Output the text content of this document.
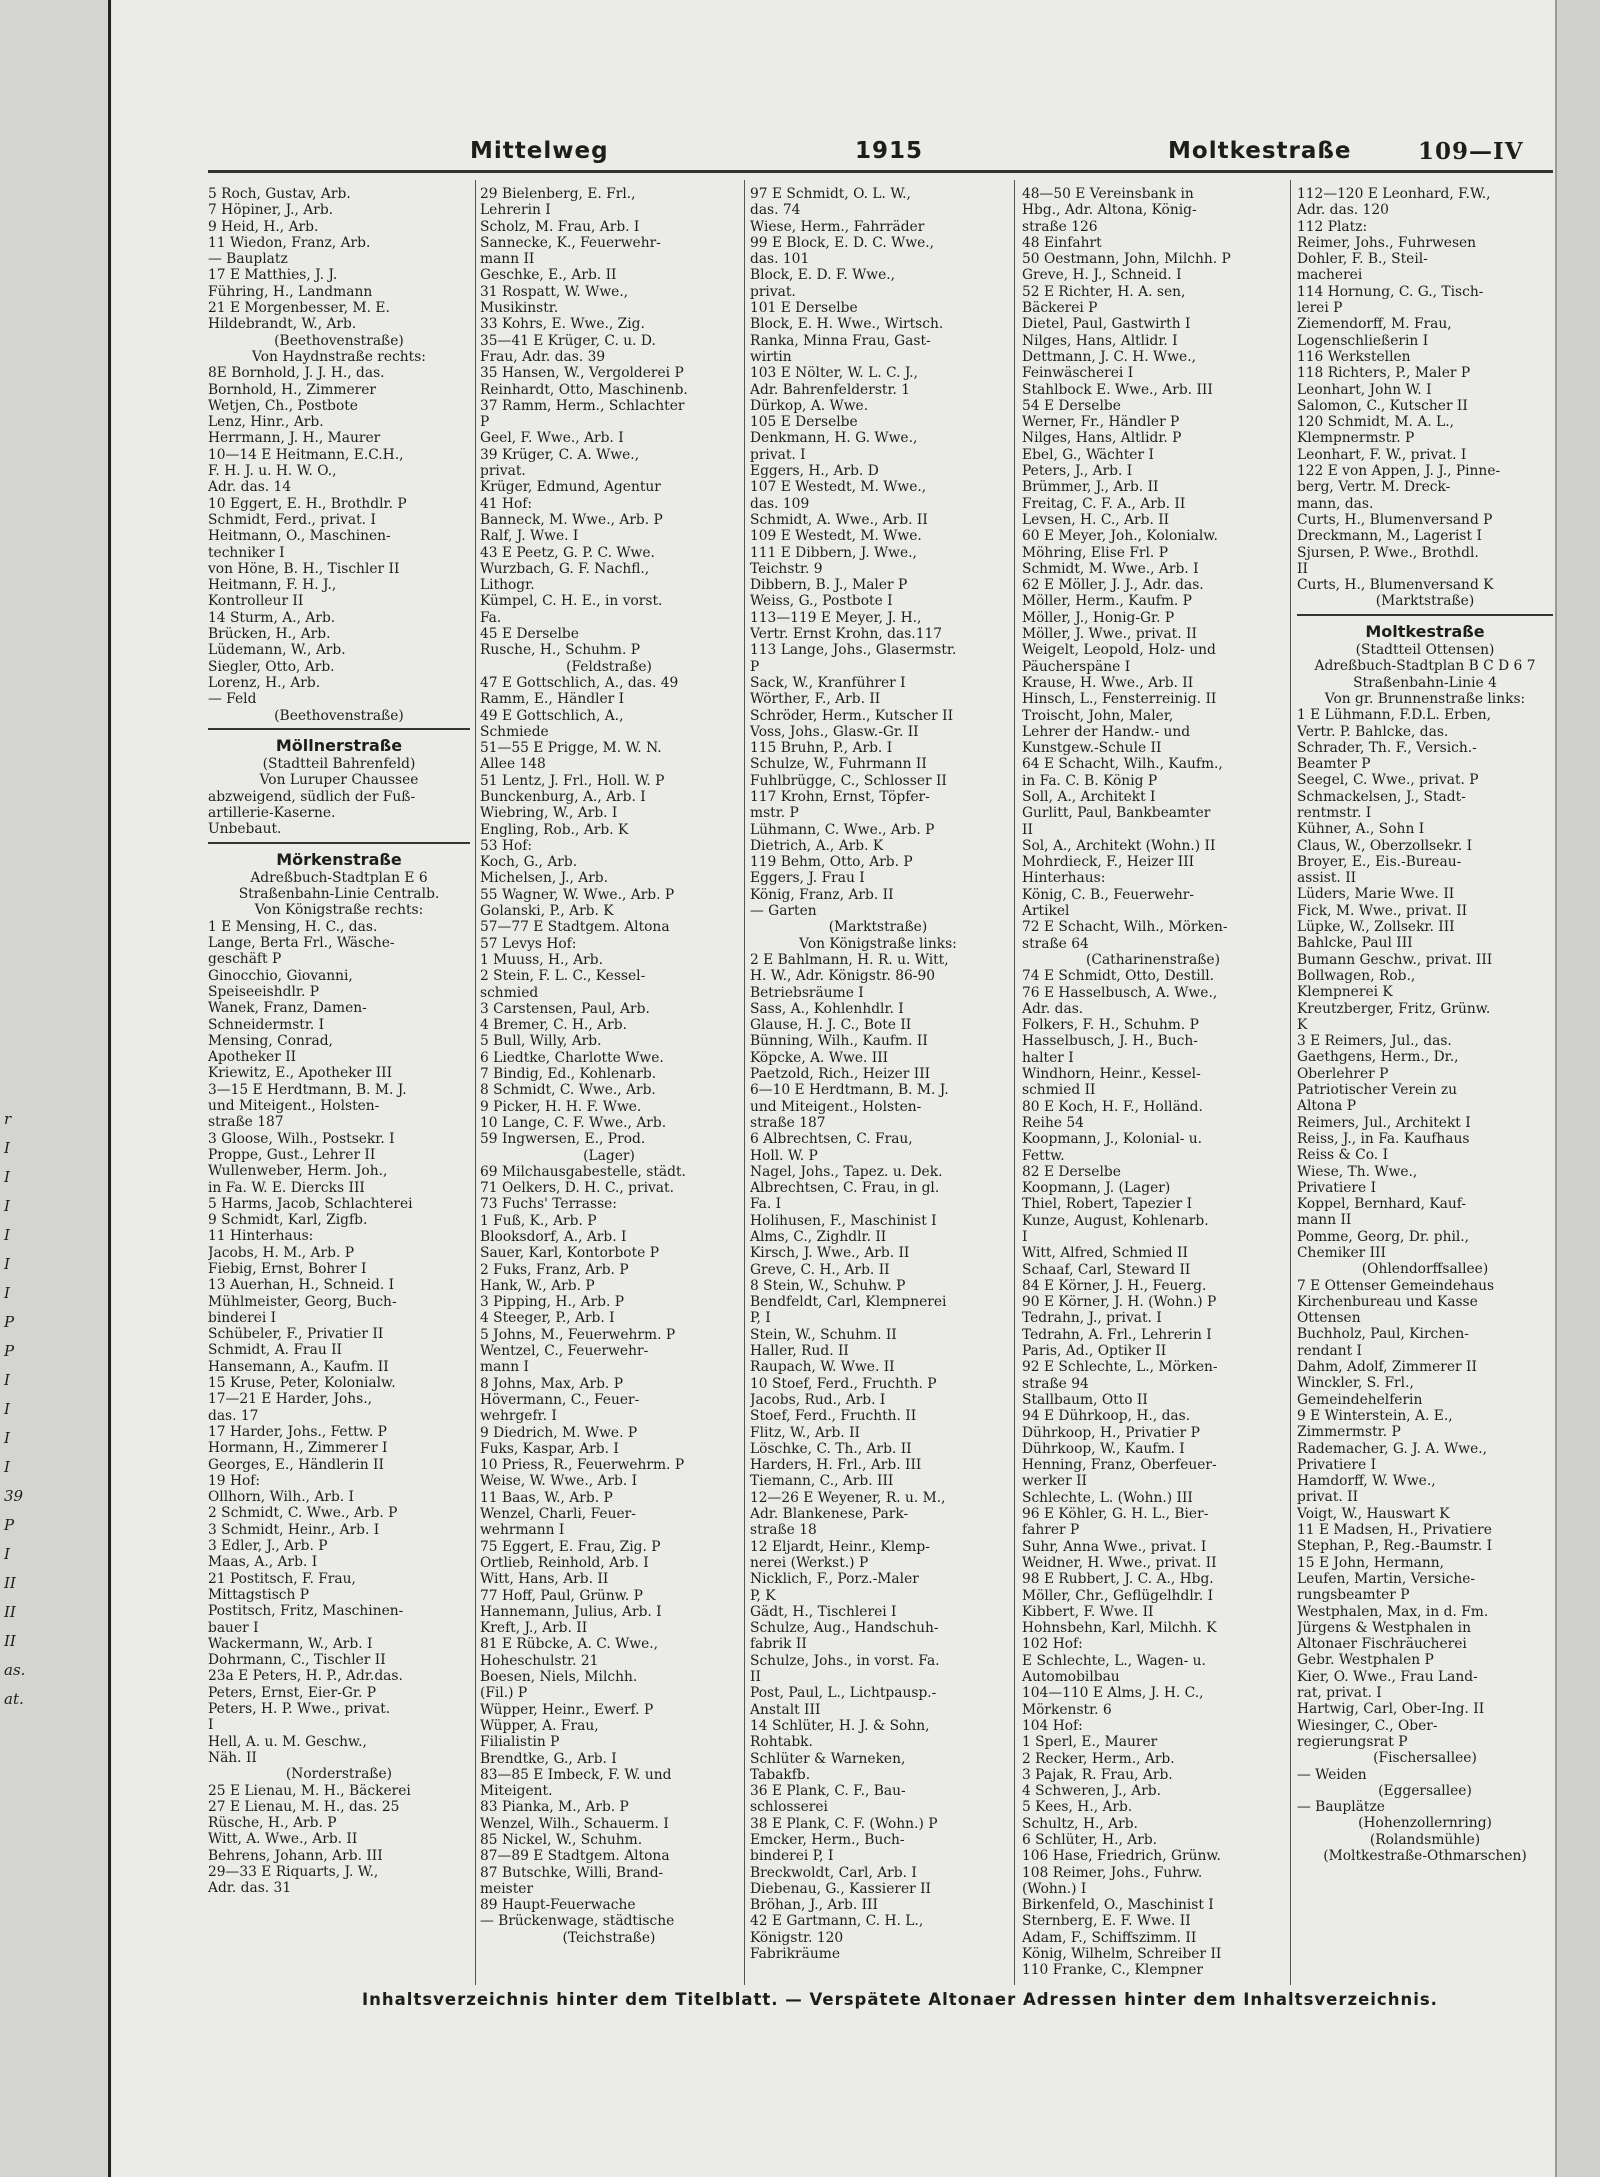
r
I
I
I
I
I
I
P
P
I
I
I
I
39
P
I
II
II
II
as.
at.
Mittelweg	1915	Moltkestraße	109—IV
5 Roch, Gustav, Arb.
7 Höpiner, J., Arb.
9 Heid, H., Arb.
11 Wiedon, Franz, Arb.
— Bauplatz
17 E Matthies, J. J.
Führing, H., Landmann
21 E Morgenbesser, M. E.
Hildebrandt, W., Arb.
(Beethovenstraße)
Von Haydnstraße rechts:
8E Bornhold, J. J. H., das.
Bornhold, H., Zimmerer
Wetjen, Ch., Postbote
Lenz, Hinr., Arb.
Herrmann, J. H., Maurer
10—14 E Heitmann, E.C.H.,
F. H. J. u. H. W. O.,
Adr. das. 14
10 Eggert, E. H., Brothdlr. P
Schmidt, Ferd., privat. I
Heitmann, O., Maschinen-
techniker I
von Höne, B. H., Tischler II
Heitmann, F. H. J.,
Kontrolleur II
14 Sturm, A., Arb.
Brücken, H., Arb.
Lüdemann, W., Arb.
Siegler, Otto, Arb.
Lorenz, H., Arb.
— Feld
(Beethovenstraße)
Möllnerstraße
(Stadtteil Bahrenfeld)
Von Luruper Chaussee
abzweigend, südlich der Fuß-
artillerie-Kaserne.
Unbebaut.
Mörkenstraße
Adreßbuch-Stadtplan E 6
Straßenbahn-Linie Centralb.
Von Königstraße rechts:
1 E Mensing, H. C., das.
Lange, Berta Frl., Wäsche-
geschäft P
Ginocchio, Giovanni,
Speiseeishdlr. P
Wanek, Franz, Damen-
Schneidermstr. I
Mensing, Conrad,
Apotheker II
Kriewitz, E., Apotheker III
3—15 E Herdtmann, B. M. J.
und Miteigent., Holsten-
straße 187
3 Gloose, Wilh., Postsekr. I
Proppe, Gust., Lehrer II
Wullenweber, Herm. Joh.,
in Fa. W. E. Diercks III
5 Harms, Jacob, Schlachterei
9 Schmidt, Karl, Zigfb.
11 Hinterhaus:
Jacobs, H. M., Arb. P
Fiebig, Ernst, Bohrer I
13 Auerhan, H., Schneid. I
Mühlmeister, Georg, Buch-
binderei I
Schübeler, F., Privatier II
Schmidt, A. Frau II
Hansemann, A., Kaufm. II
15 Kruse, Peter, Kolonialw.
17—21 E Harder, Johs.,
das. 17
17 Harder, Johs., Fettw. P
Hormann, H., Zimmerer I
Georges, E., Händlerin II
19 Hof:
Ollhorn, Wilh., Arb. I
2 Schmidt, C. Wwe., Arb. P
3 Schmidt, Heinr., Arb. I
3 Edler, J., Arb. P
Maas, A., Arb. I
21 Postitsch, F. Frau,
Mittagstisch P
Postitsch, Fritz, Maschinen-
bauer I
Wackermann, W., Arb. I
Dohrmann, C., Tischler II
23a E Peters, H. P., Adr.das.
Peters, Ernst, Eier-Gr. P
Peters, H. P. Wwe., privat.
I
Hell, A. u. M. Geschw.,
Näh. II
(Norderstraße)
25 E Lienau, M. H., Bäckerei
27 E Lienau, M. H., das. 25
Rüsche, H., Arb. P
Witt, A. Wwe., Arb. II
Behrens, Johann, Arb. III
29—33 E Riquarts, J. W.,
Adr. das. 31
29 Bielenberg, E. Frl.,
Lehrerin I
Scholz, M. Frau, Arb. I
Sannecke, K., Feuerwehr-
mann II
Geschke, E., Arb. II
31 Rospatt, W. Wwe.,
Musikinstr.
33 Kohrs, E. Wwe., Zig.
35—41 E Krüger, C. u. D.
Frau, Adr. das. 39
35 Hansen, W., Vergolderei P
Reinhardt, Otto, Maschinenb.
37 Ramm, Herm., Schlachter
P
Geel, F. Wwe., Arb. I
39 Krüger, C. A. Wwe.,
privat.
Krüger, Edmund, Agentur
41 Hof:
Banneck, M. Wwe., Arb. P
Ralf, J. Wwe. I
43 E Peetz, G. P. C. Wwe.
Wurzbach, G. F. Nachfl.,
Lithogr.
Kümpel, C. H. E., in vorst.
Fa.
45 E Derselbe
Rusche, H., Schuhm. P
(Feldstraße)
47 E Gottschlich, A., das. 49
Ramm, E., Händler I
49 E Gottschlich, A.,
Schmiede
51—55 E Prigge, M. W. N.
Allee 148
51 Lentz, J. Frl., Holl. W. P
Bunckenburg, A., Arb. I
Wiebring, W., Arb. I
Engling, Rob., Arb. K
53 Hof:
Koch, G., Arb.
Michelsen, J., Arb.
55 Wagner, W. Wwe., Arb. P
Golanski, P., Arb. K
57—77 E Stadtgem. Altona
57 Levys Hof:
1 Muuss, H., Arb.
2 Stein, F. L. C., Kessel-
schmied
3 Carstensen, Paul, Arb.
4 Bremer, C. H., Arb.
5 Bull, Willy, Arb.
6 Liedtke, Charlotte Wwe.
7 Bindig, Ed., Kohlenarb.
8 Schmidt, C. Wwe., Arb.
9 Picker, H. H. F. Wwe.
10 Lange, C. F. Wwe., Arb.
59 Ingwersen, E., Prod.
(Lager)
69 Milchausgabestelle, städt.
71 Oelkers, D. H. C., privat.
73 Fuchs' Terrasse:
1 Fuß, K., Arb. P
Blooksdorf, A., Arb. I
Sauer, Karl, Kontorbote P
2 Fuks, Franz, Arb. P
Hank, W., Arb. P
3 Pipping, H., Arb. P
4 Steeger, P., Arb. I
5 Johns, M., Feuerwehrm. P
Wentzel, C., Feuerwehr-
mann I
8 Johns, Max, Arb. P
Hövermann, C., Feuer-
wehrgefr. I
9 Diedrich, M. Wwe. P
Fuks, Kaspar, Arb. I
10 Priess, R., Feuerwehrm. P
Weise, W. Wwe., Arb. I
11 Baas, W., Arb. P
Wenzel, Charli, Feuer-
wehrmann I
75 Eggert, E. Frau, Zig. P
Ortlieb, Reinhold, Arb. I
Witt, Hans, Arb. II
77 Hoff, Paul, Grünw. P
Hannemann, Julius, Arb. I
Kreft, J., Arb. II
81 E Rübcke, A. C. Wwe.,
Hoheschulstr. 21
Boesen, Niels, Milchh.
(Fil.) P
Wüpper, Heinr., Ewerf. P
Wüpper, A. Frau,
Filialistin P
Brendtke, G., Arb. I
83—85 E Imbeck, F. W. und
Miteigent.
83 Pianka, M., Arb. P
Wenzel, Wilh., Schauerm. I
85 Nickel, W., Schuhm.
87—89 E Stadtgem. Altona
87 Butschke, Willi, Brand-
meister
89 Haupt-Feuerwache
— Brückenwage, städtische
(Teichstraße)
97 E Schmidt, O. L. W.,
das. 74
Wiese, Herm., Fahrräder
99 E Block, E. D. C. Wwe.,
das. 101
Block, E. D. F. Wwe.,
privat.
101 E Derselbe
Block, E. H. Wwe., Wirtsch.
Ranka, Minna Frau, Gast-
wirtin
103 E Nölter, W. L. C. J.,
Adr. Bahrenfelderstr. 1
Dürkop, A. Wwe.
105 E Derselbe
Denkmann, H. G. Wwe.,
privat. I
Eggers, H., Arb. D
107 E Westedt, M. Wwe.,
das. 109
Schmidt, A. Wwe., Arb. II
109 E Westedt, M. Wwe.
111 E Dibbern, J. Wwe.,
Teichstr. 9
Dibbern, B. J., Maler P
Weiss, G., Postbote I
113—119 E Meyer, J. H.,
Vertr. Ernst Krohn, das.117
113 Lange, Johs., Glasermstr.
P
Sack, W., Kranführer I
Wörther, F., Arb. II
Schröder, Herm., Kutscher II
Voss, Johs., Glasw.-Gr. II
115 Bruhn, P., Arb. I
Schulze, W., Fuhrmann II
Fuhlbrügge, C., Schlosser II
117 Krohn, Ernst, Töpfer-
mstr. P
Lühmann, C. Wwe., Arb. P
Dietrich, A., Arb. K
119 Behm, Otto, Arb. P
Eggers, J. Frau I
König, Franz, Arb. II
— Garten
(Marktstraße)
Von Königstraße links:
2 E Bahlmann, H. R. u. Witt,
H. W., Adr. Königstr. 86-90
Betriebsräume I
Sass, A., Kohlenhdlr. I
Glause, H. J. C., Bote II
Bünning, Wilh., Kaufm. II
Köpcke, A. Wwe. III
Paetzold, Rich., Heizer III
6—10 E Herdtmann, B. M. J.
und Miteigent., Holsten-
straße 187
6 Albrechtsen, C. Frau,
Holl. W. P
Nagel, Johs., Tapez. u. Dek.
Albrechtsen, C. Frau, in gl.
Fa. I
Holihusen, F., Maschinist I
Alms, C., Zighdlr. II
Kirsch, J. Wwe., Arb. II
Greve, C. H., Arb. II
8 Stein, W., Schuhw. P
Bendfeldt, Carl, Klempnerei
P, I
Stein, W., Schuhm. II
Haller, Rud. II
Raupach, W. Wwe. II
10 Stoef, Ferd., Fruchth. P
Jacobs, Rud., Arb. I
Stoef, Ferd., Fruchth. II
Flitz, W., Arb. II
Löschke, C. Th., Arb. II
Harders, H. Frl., Arb. III
Tiemann, C., Arb. III
12—26 E Weyener, R. u. M.,
Adr. Blankenese, Park-
straße 18
12 Eljardt, Heinr., Klemp-
nerei (Werkst.) P
Nicklich, F., Porz.-Maler
P, K
Gädt, H., Tischlerei I
Schulze, Aug., Handschuh-
fabrik II
Schulze, Johs., in vorst. Fa.
II
Post, Paul, L., Lichtpausp.-
Anstalt III
14 Schlüter, H. J. & Sohn,
Rohtabk.
Schlüter & Warneken,
Tabakfb.
36 E Plank, C. F., Bau-
schlosserei
38 E Plank, C. F. (Wohn.) P
Emcker, Herm., Buch-
binderei P, I
Breckwoldt, Carl, Arb. I
Diebenau, G., Kassierer II
Bröhan, J., Arb. III
42 E Gartmann, C. H. L.,
Königstr. 120
Fabrikräume
48—50 E Vereinsbank in
Hbg., Adr. Altona, König-
straße 126
48 Einfahrt
50 Oestmann, John, Milchh. P
Greve, H. J., Schneid. I
52 E Richter, H. A. sen,
Bäckerei P
Dietel, Paul, Gastwirth I
Nilges, Hans, Altlidr. I
Dettmann, J. C. H. Wwe.,
Feinwäscherei I
Stahlbock E. Wwe., Arb. III
54 E Derselbe
Werner, Fr., Händler P
Nilges, Hans, Altlidr. P
Ebel, G., Wächter I
Peters, J., Arb. I
Brümmer, J., Arb. II
Freitag, C. F. A., Arb. II
Levsen, H. C., Arb. II
60 E Meyer, Joh., Kolonialw.
Möhring, Elise Frl. P
Schmidt, M. Wwe., Arb. I
62 E Möller, J. J., Adr. das.
Möller, Herm., Kaufm. P
Möller, J., Honig-Gr. P
Möller, J. Wwe., privat. II
Weigelt, Leopold, Holz- und
Päucherspäne I
Krause, H. Wwe., Arb. II
Hinsch, L., Fensterreinig. II
Troischt, John, Maler,
Lehrer der Handw.- und
Kunstgew.-Schule II
64 E Schacht, Wilh., Kaufm.,
in Fa. C. B. König P
Soll, A., Architekt I
Gurlitt, Paul, Bankbeamter
II
Sol, A., Architekt (Wohn.) II
Mohrdieck, F., Heizer III
Hinterhaus:
König, C. B., Feuerwehr-
Artikel
72 E Schacht, Wilh., Mörken-
straße 64
(Catharinenstraße)
74 E Schmidt, Otto, Destill.
76 E Hasselbusch, A. Wwe.,
Adr. das.
Folkers, F. H., Schuhm. P
Hasselbusch, J. H., Buch-
halter I
Windhorn, Heinr., Kessel-
schmied II
80 E Koch, H. F., Holländ.
Reihe 54
Koopmann, J., Kolonial- u.
Fettw.
82 E Derselbe
Koopmann, J. (Lager)
Thiel, Robert, Tapezier I
Kunze, August, Kohlenarb.
I
Witt, Alfred, Schmied II
Schaaf, Carl, Steward II
84 E Körner, J. H., Feuerg.
90 E Körner, J. H. (Wohn.) P
Tedrahn, J., privat. I
Tedrahn, A. Frl., Lehrerin I
Paris, Ad., Optiker II
92 E Schlechte, L., Mörken-
straße 94
Stallbaum, Otto II
94 E Dührkoop, H., das.
Dührkoop, H., Privatier P
Dührkoop, W., Kaufm. I
Henning, Franz, Oberfeuer-
werker II
Schlechte, L. (Wohn.) III
96 E Köhler, G. H. L., Bier-
fahrer P
Suhr, Anna Wwe., privat. I
Weidner, H. Wwe., privat. II
98 E Rubbert, J. C. A., Hbg.
Möller, Chr., Geflügelhdlr. I
Kibbert, F. Wwe. II
Hohnsbehn, Karl, Milchh. K
102 Hof:
E Schlechte, L., Wagen- u.
Automobilbau
104—110 E Alms, J. H. C.,
Mörkenstr. 6
104 Hof:
1 Sperl, E., Maurer
2 Recker, Herm., Arb.
3 Pajak, R. Frau, Arb.
4 Schweren, J., Arb.
5 Kees, H., Arb.
Schultz, H., Arb.
6 Schlüter, H., Arb.
106 Hase, Friedrich, Grünw.
108 Reimer, Johs., Fuhrw.
(Wohn.) I
Birkenfeld, O., Maschinist I
Sternberg, E. F. Wwe. II
Adam, F., Schiffszimm. II
König, Wilhelm, Schreiber II
110 Franke, C., Klempner
112—120 E Leonhard, F.W.,
Adr. das. 120
112 Platz:
Reimer, Johs., Fuhrwesen
Dohler, F. B., Steil-
macherei
114 Hornung, C. G., Tisch-
lerei P
Ziemendorff, M. Frau,
Logenschließerin I
116 Werkstellen
118 Richters, P., Maler P
Leonhart, John W. I
Salomon, C., Kutscher II
120 Schmidt, M. A. L.,
Klempnermstr. P
Leonhart, F. W., privat. I
122 E von Appen, J. J., Pinne-
berg, Vertr. M. Dreck-
mann, das.
Curts, H., Blumenversand P
Dreckmann, M., Lagerist I
Sjursen, P. Wwe., Brothdl.
II
Curts, H., Blumenversand K
(Marktstraße)
Moltkestraße
(Stadtteil Ottensen)
Adreßbuch-Stadtplan B C D 6 7
Straßenbahn-Linie 4
Von gr. Brunnenstraße links:
1 E Lühmann, F.D.L. Erben,
Vertr. P. Bahlcke, das.
Schrader, Th. F., Versich.-
Beamter P
Seegel, C. Wwe., privat. P
Schmackelsen, J., Stadt-
rentmstr. I
Kühner, A., Sohn I
Claus, W., Oberzollsekr. I
Broyer, E., Eis.-Bureau-
assist. II
Lüders, Marie Wwe. II
Fick, M. Wwe., privat. II
Lüpke, W., Zollsekr. III
Bahlcke, Paul III
Bumann Geschw., privat. III
Bollwagen, Rob.,
Klempnerei K
Kreutzberger, Fritz, Grünw.
K
3 E Reimers, Jul., das.
Gaethgens, Herm., Dr.,
Oberlehrer P
Patriotischer Verein zu
Altona P
Reimers, Jul., Architekt I
Reiss, J., in Fa. Kaufhaus
Reiss & Co. I
Wiese, Th. Wwe.,
Privatiere I
Koppel, Bernhard, Kauf-
mann II
Pomme, Georg, Dr. phil.,
Chemiker III
(Ohlendorffsallee)
7 E Ottenser Gemeindehaus
Kirchenbureau und Kasse
Ottensen
Buchholz, Paul, Kirchen-
rendant I
Dahm, Adolf, Zimmerer II
Winckler, S. Frl.,
Gemeindehelferin
9 E Winterstein, A. E.,
Zimmermstr. P
Rademacher, G. J. A. Wwe.,
Privatiere I
Hamdorff, W. Wwe.,
privat. II
Voigt, W., Hauswart K
11 E Madsen, H., Privatiere
Stephan, P., Reg.-Baumstr. I
15 E John, Hermann,
Leufen, Martin, Versiche-
rungsbeamter P
Westphalen, Max, in d. Fm.
Jürgens & Westphalen in
Altonaer Fischräucherei
Gebr. Westphalen P
Kier, O. Wwe., Frau Land-
rat, privat. I
Hartwig, Carl, Ober-Ing. II
Wiesinger, C., Ober-
regierungsrat P
(Fischersallee)
— Weiden
(Eggersallee)
— Bauplätze
(Hohenzollernring)
(Rolandsmühle)
(Moltkestraße-Othmarschen)
Inhaltsverzeichnis hinter dem Titelblatt. — Verspätete Altonaer Adressen hinter dem Inhaltsverzeichnis.
